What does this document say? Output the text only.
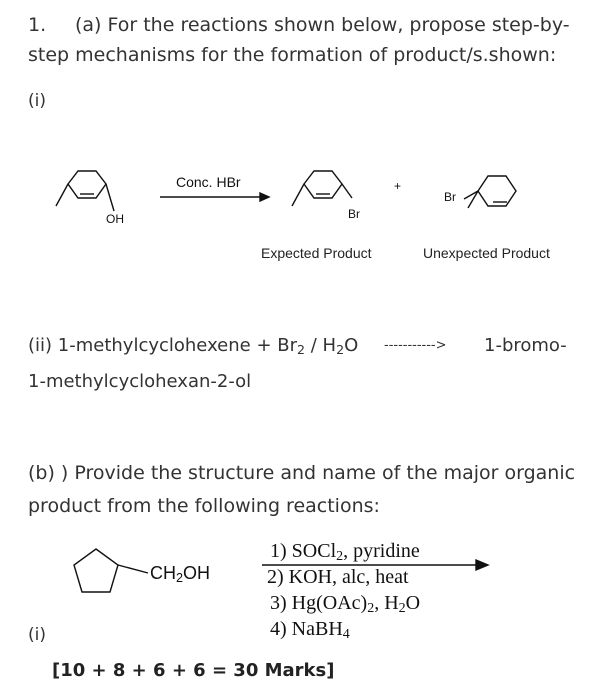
1. (a) For the reactions shown below, propose step-by-
step mechanisms for the formation of product/s.shown:
(i)
OH
Conc. HBr
Br
+
Br
Expected Product	Unexpected Product
(ii) 1-methylcyclohexene + $Br_2 / H_2O$ -----------> 1-bromo-
1-methylcyclohexan-2-ol
(b) ) Provide the structure and name of the major organic
product from the following reactions:
$CH_2OH$
1) SOCl$_2$, pyridine
2) KOH, alc, heat
3) $Hg(OAc)_2$, $H_2O$
4) NaBH$_4$
(i)
[10 + 8 + 6 + 6 = 30 Marks]
